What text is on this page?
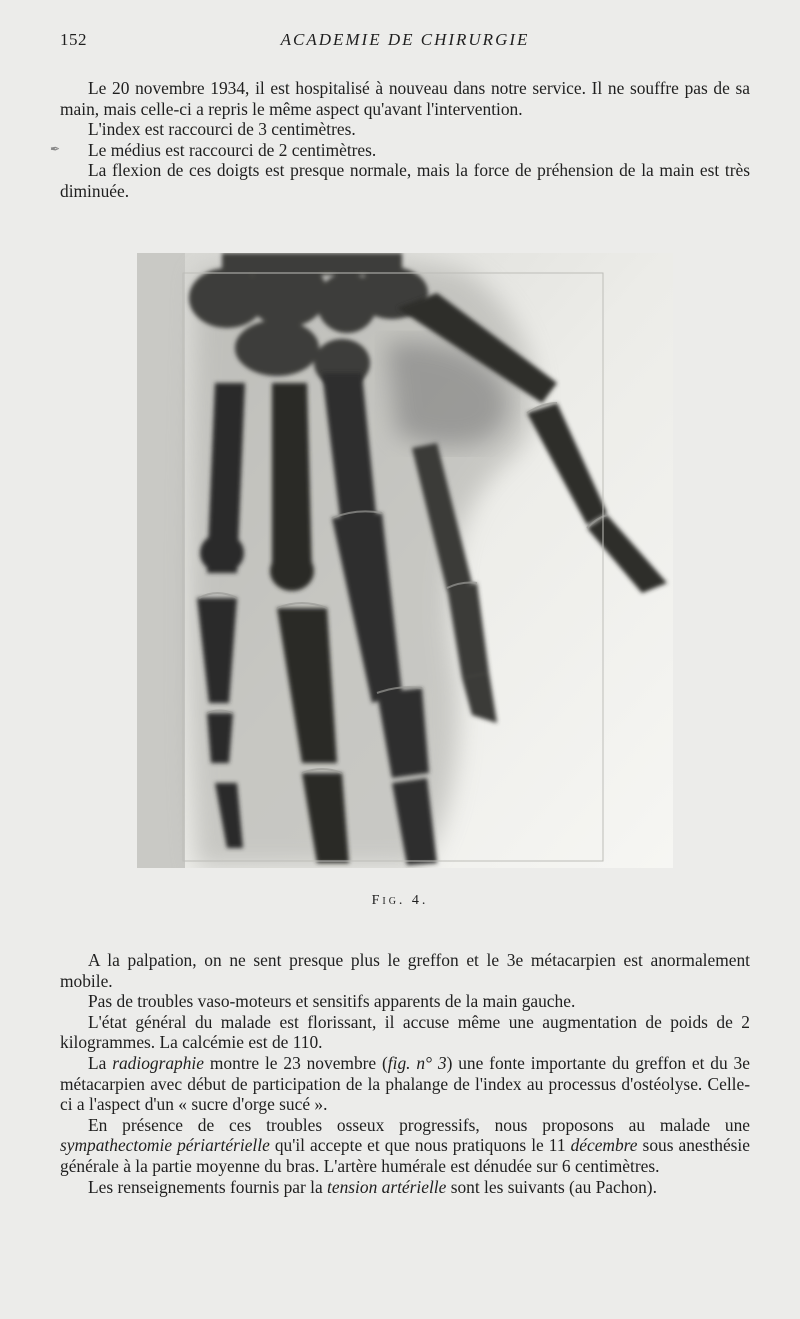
152	ACADEMIE DE CHIRURGIE
✒

Le 20 novembre 1934, il est hospitalisé à nouveau dans notre service. Il ne souffre pas de sa main, mais celle-ci a repris le même aspect qu'avant l'intervention.

L'index est raccourci de 3 centimètres.

Le médius est raccourci de 2 centimètres.

La flexion de ces doigts est presque normale, mais la force de préhension de la main est très diminuée.

Fig. 4.

A la palpation, on ne sent presque plus le greffon et le 3e métacarpien est anormalement mobile.

Pas de troubles vaso-moteurs et sensitifs apparents de la main gauche.

L'état général du malade est florissant, il accuse même une augmentation de poids de 2 kilogrammes. La calcémie est de 110.

La radiographie montre le 23 novembre (fig. n° 3) une fonte importante du greffon et du 3e métacarpien avec début de participation de la phalange de l'index au processus d'ostéolyse. Celle-ci a l'aspect d'un « sucre d'orge sucé ».

En présence de ces troubles osseux progressifs, nous proposons au malade une sympathectomie périartérielle qu'il accepte et que nous pratiquons le 11 décembre sous anesthésie générale à la partie moyenne du bras. L'artère humérale est dénudée sur 6 centimètres.

Les renseignements fournis par la tension artérielle sont les suivants (au Pachon).
